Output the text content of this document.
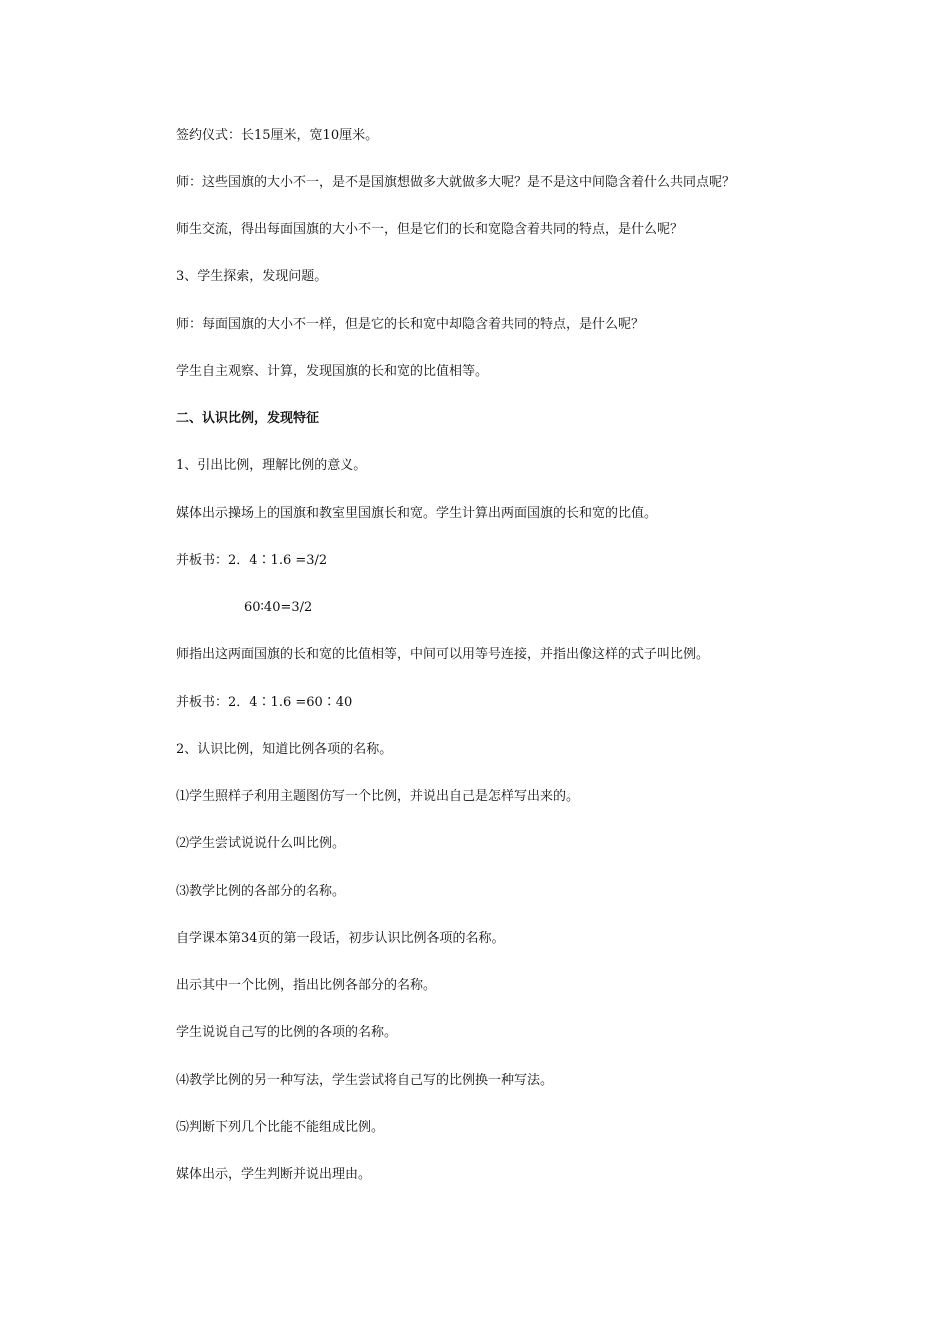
签约仪式：长15厘米，宽10厘米。
师：这些国旗的大小不一，是不是国旗想做多大就做多大呢？是不是这中间隐含着什么共同点呢？
师生交流，得出每面国旗的大小不一，但是它们的长和宽隐含着共同的特点，是什么呢？
3、学生探索，发现问题。
师：每面国旗的大小不一样，但是它的长和宽中却隐含着共同的特点，是什么呢？
学生自主观察、计算，发现国旗的长和宽的比值相等。
二、认识比例，发现特征
1、引出比例，理解比例的意义。
媒体出示操场上的国旗和教室里国旗长和宽。学生计算出两面国旗的长和宽的比值。
并板书：2．4∶1.6 =3/2
60∶40=3/2
师指出这两面国旗的长和宽的比值相等，中间可以用等号连接，并指出像这样的式子叫比例。
并板书：2．4∶1.6 =60∶40
2、认识比例，知道比例各项的名称。
⑴学生照样子利用主题图仿写一个比例，并说出自己是怎样写出来的。
⑵学生尝试说说什么叫比例。
⑶教学比例的各部分的名称。
自学课本第34页的第一段话，初步认识比例各项的名称。
出示其中一个比例，指出比例各部分的名称。
学生说说自己写的比例的各项的名称。
⑷教学比例的另一种写法，学生尝试将自己写的比例换一种写法。
⑸判断下列几个比能不能组成比例。
媒体出示，学生判断并说出理由。
